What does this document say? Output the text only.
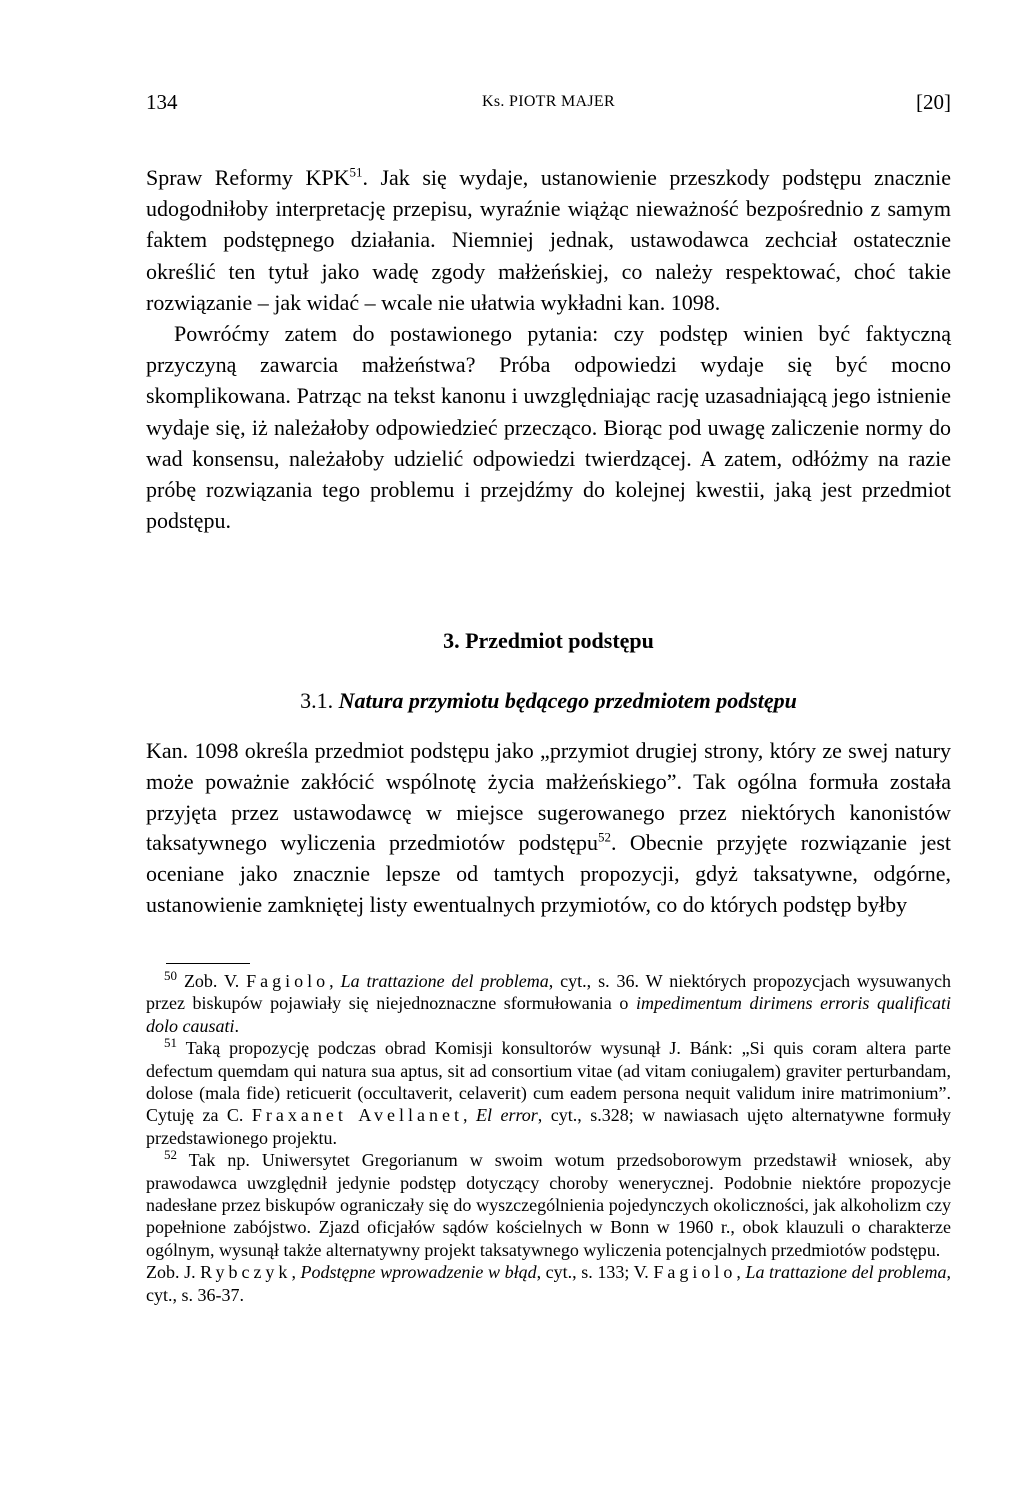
134	Ks. PIOTR MAJER	[20]

Spraw Reformy KPK$^{51}$. Jak się wydaje, ustanowienie przeszkody podstępu znacznie udogodniłoby interpretację przepisu, wyraźnie wiążąc nieważność bezpośrednio z samym faktem podstępnego działania. Niemniej jednak, ustawodawca zechciał ostatecznie określić ten tytuł jako wadę zgody małżeńskiej, co należy respektować, choć takie rozwiązanie – jak widać – wcale nie ułatwia wykładni kan. 1098.

Powróćmy zatem do postawionego pytania: czy podstęp winien być faktyczną przyczyną zawarcia małżeństwa? Próba odpowiedzi wydaje się być mocno skomplikowana. Patrząc na tekst kanonu i uwzględniając rację uzasadniającą jego istnienie wydaje się, iż należałoby odpowiedzieć przecząco. Biorąc pod uwagę zaliczenie normy do wad konsensu, należałoby udzielić odpowiedzi twierdzącej. A zatem, odłóżmy na razie próbę rozwiązania tego problemu i przejdźmy do kolejnej kwestii, jaką jest przedmiot podstępu.

3. Przedmiot podstępu
3.1. Natura przymiotu będącego przedmiotem podstępu

Kan. 1098 określa przedmiot podstępu jako „przymiot drugiej strony, który ze swej natury może poważnie zakłócić wspólnotę życia małżeńskiego”. Tak ogólna formuła została przyjęta przez ustawodawcę w miejsce sugerowanego przez niektórych kanonistów taksatywnego wyliczenia przedmiotów podstępu$^{52}$. Obecnie przyjęte rozwiązanie jest oceniane jako znacznie lepsze od tamtych propozycji, gdyż taksatywne, odgórne, ustanowienie zamkniętej listy ewentualnych przymiotów, co do których podstęp byłby

$^{50}$ Zob. V. Fagiolo, La trattazione del problema, cyt., s. 36. W niektórych propozycjach wysuwanych przez biskupów pojawiały się niejednoznaczne sformułowania o impedimentum dirimens erroris qualificati dolo causati.

$^{51}$ Taką propozycję podczas obrad Komisji konsultorów wysunął J. Bánk: „Si quis coram altera parte defectum quemdam qui natura sua aptus, sit ad consortium vitae (ad vitam coniugalem) graviter perturbandam, dolose (mala fide) reticuerit (occultaverit, celaverit) cum eadem persona nequit validum inire matrimonium”. Cytuję za C. Fraxanet Avellanet, El error, cyt., s.328; w nawiasach ujęto alternatywne formuły przedstawionego projektu.

$^{52}$ Tak np. Uniwersytet Gregorianum w swoim wotum przedsoborowym przedstawił wniosek, aby prawodawca uwzględnił jedynie podstęp dotyczący choroby wenerycznej. Podobnie niektóre propozycje nadesłane przez biskupów ograniczały się do wyszczególnienia pojedynczych okoliczności, jak alkoholizm czy popełnione zabójstwo. Zjazd oficjałów sądów kościelnych w Bonn w 1960 r., obok klauzuli o charakterze ogólnym, wysunął także alternatywny projekt taksatywnego wyliczenia potencjalnych przedmiotów podstępu.

Zob. J. Rybczyk, Podstępne wprowadzenie w błąd, cyt., s. 133; V. Fagiolo, La trattazione del problema, cyt., s. 36-37.
